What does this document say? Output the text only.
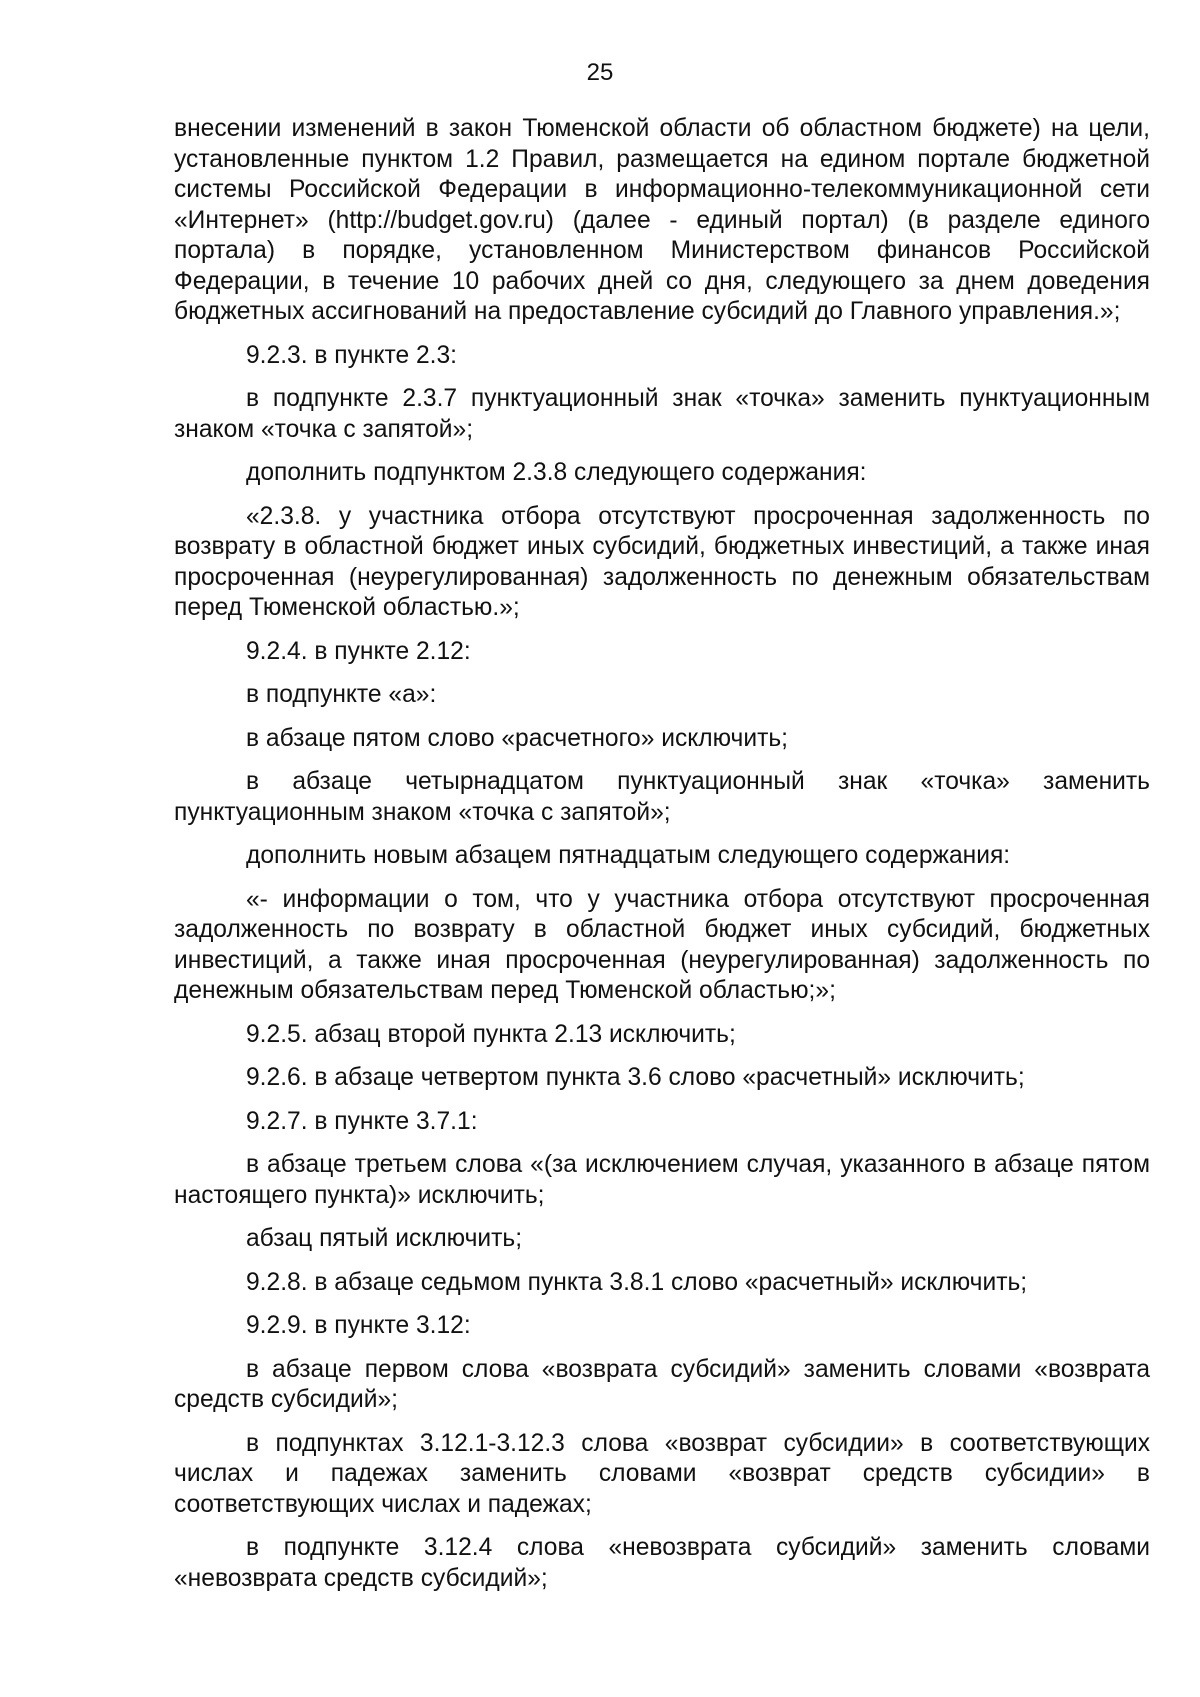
25

внесении изменений в закон Тюменской области об областном бюджете) на цели, установленные пунктом 1.2 Правил, размещается на едином портале бюджетной системы Российской Федерации в информационно-телекоммуникационной сети «Интернет» (http://budget.gov.ru) (далее - единый портал) (в разделе единого портала) в порядке, установленном Министерством финансов Российской Федерации, в течение 10 рабочих дней со дня, следующего за днем доведения бюджетных ассигнований на предоставление субсидий до Главного управления.»;

9.2.3. в пункте 2.3:

в подпункте 2.3.7 пунктуационный знак «точка» заменить пунктуационным знаком «точка с запятой»;

дополнить подпунктом 2.3.8 следующего содержания:

«2.3.8. у участника отбора отсутствуют просроченная задолженность по возврату в областной бюджет иных субсидий, бюджетных инвестиций, а также иная просроченная (неурегулированная) задолженность по денежным обязательствам перед Тюменской областью.»;

9.2.4. в пункте 2.12:

в подпункте «а»:

в абзаце пятом слово «расчетного» исключить;

в абзаце четырнадцатом пунктуационный знак «точка» заменить пунктуационным знаком «точка с запятой»;

дополнить новым абзацем пятнадцатым следующего содержания:

«- информации о том, что у участника отбора отсутствуют просроченная задолженность по возврату в областной бюджет иных субсидий, бюджетных инвестиций, а также иная просроченная (неурегулированная) задолженность по денежным обязательствам перед Тюменской областью;»;

9.2.5. абзац второй пункта 2.13 исключить;

9.2.6. в абзаце четвертом пункта 3.6 слово «расчетный» исключить;

9.2.7. в пункте 3.7.1:

в абзаце третьем слова «(за исключением случая, указанного в абзаце пятом настоящего пункта)» исключить;

абзац пятый исключить;

9.2.8. в абзаце седьмом пункта 3.8.1 слово «расчетный» исключить;

9.2.9. в пункте 3.12:

в абзаце первом слова «возврата субсидий» заменить словами «возврата средств субсидий»;

в подпунктах 3.12.1-3.12.3 слова «возврат субсидии» в соответствующих числах и падежах заменить словами «возврат средств субсидии» в соответствующих числах и падежах;

в подпункте 3.12.4 слова «невозврата субсидий» заменить словами «невозврата средств субсидий»;
